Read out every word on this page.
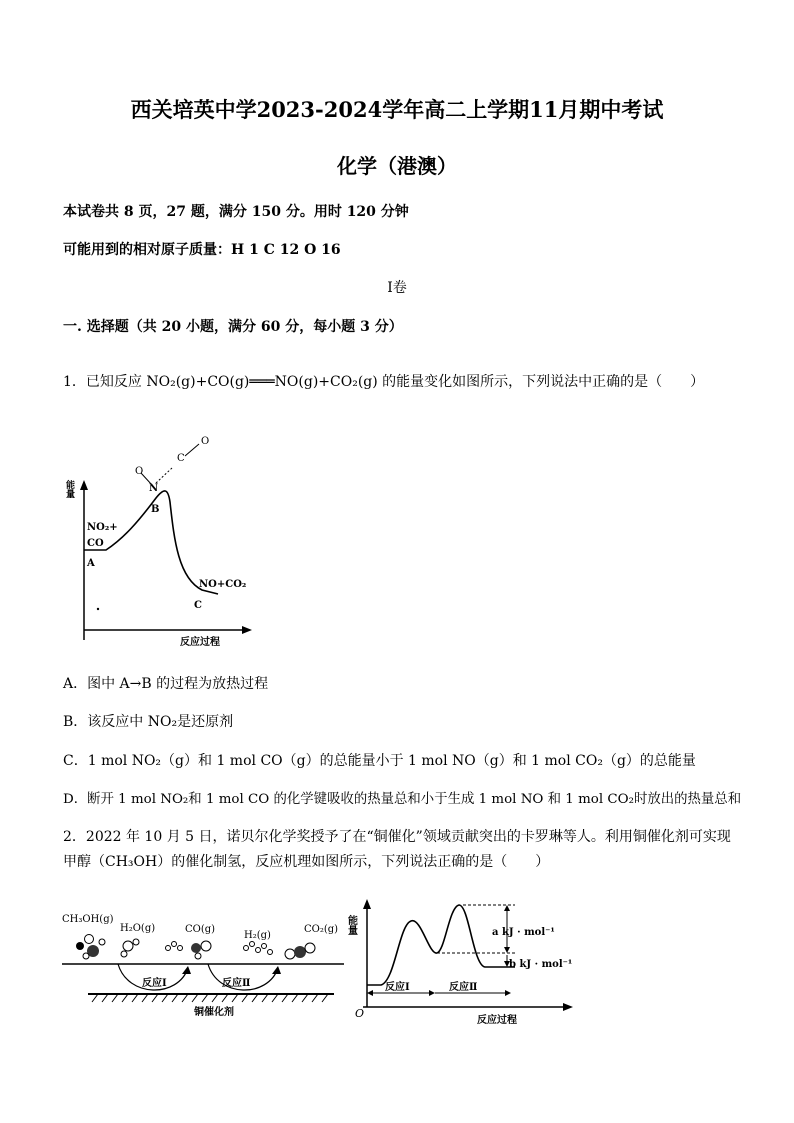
西关培英中学2023-2024学年高二上学期11月期中考试
化学（港澳）
本试卷共 8 页，27 题，满分 150 分。用时 120 分钟
可能用到的相对原子质量：H 1 C 12 O 16
Ⅰ卷
一. 选择题（共 20 小题，满分 60 分，每小题 3 分）
1．已知反应 NO₂(g)+CO(g)═══NO(g)+CO₂(g) 的能量变化如图所示，下列说法中正确的是（　　）
能量
O
N
C
O
NO₂+
CO
A
B
NO+CO₂
C
反应过程
A．图中 A→B 的过程为放热过程
B．该反应中 NO₂是还原剂
C．1 mol NO₂（g）和 1 mol CO（g）的总能量小于 1 mol NO（g）和 1 mol CO₂（g）的总能量
D．断开 1 mol NO₂和 1 mol CO 的化学键吸收的热量总和小于生成 1 mol NO 和 1 mol CO₂时放出的热量总和
2．2022 年 10 月 5 日，诺贝尔化学奖授予了在“铜催化”领域贡献突出的卡罗琳等人。利用铜催化剂可实现
甲醇（CH₃OH）的催化制氢，反应机理如图所示，下列说法正确的是（　　）
CH₃OH(g)
H₂O(g)	CO(g)
H₂(g)
CO₂(g)
反应Ⅰ	反应Ⅱ
铜催化剂
能量
O
a kJ · mol⁻¹
b kJ · mol⁻¹
反应Ⅰ	反应Ⅱ
反应过程
